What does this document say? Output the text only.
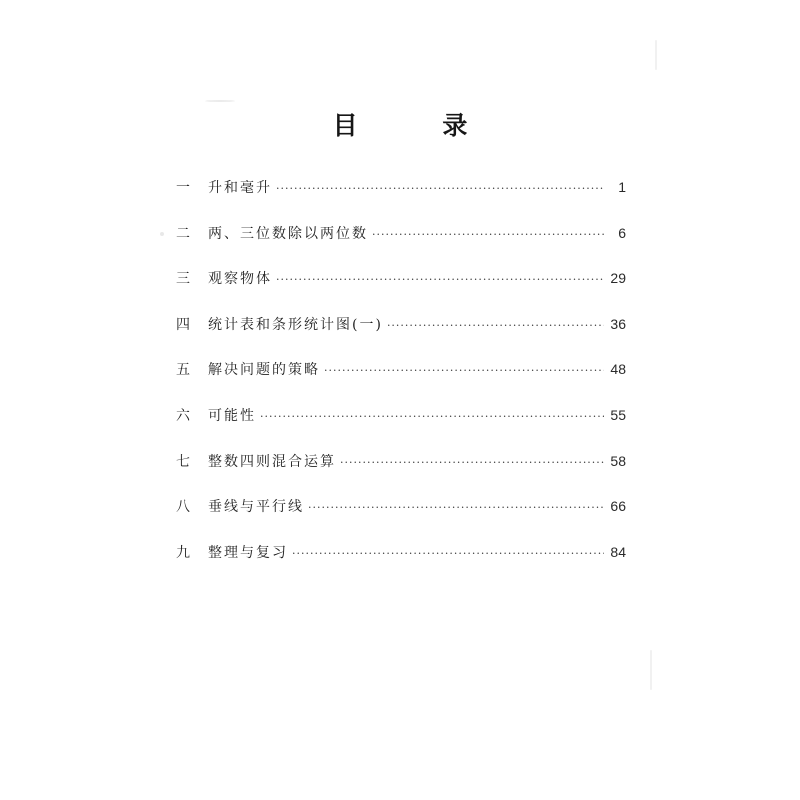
目 录
一	升和毫升 ·····	1
二	两、三位数除以两位数 ·····	6
三	观察物体 ·····	29
四	统计表和条形统计图(一) ·····	36
五	解决问题的策略 ·····	48
六	可能性 ·····	55
七	整数四则混合运算 ·····	58
八	垂线与平行线 ·····	66
九	整理与复习 ·····	84
